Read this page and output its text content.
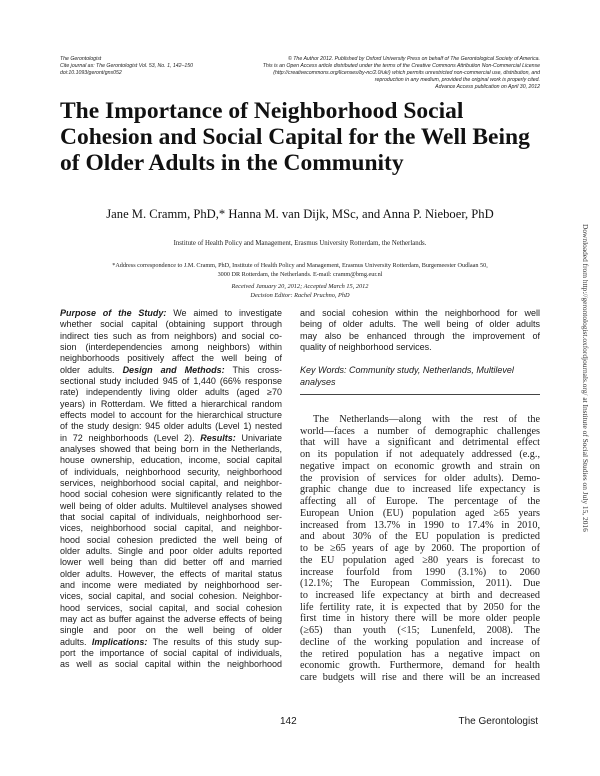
The Gerontologist
Cite journal as: The Gerontologist Vol. 53, No. 1, 142–150
doi:10.1093/geront/gns052
© The Author 2012. Published by Oxford University Press on behalf of The Gerontological Society of America.
This is an Open Access article distributed under the terms of the Creative Commons Attribution Non-Commercial License
(http://creativecommons.org/licenses/by-nc/2.0/uk/) which permits unrestricted non-commercial use, distribution, and
reproduction in any medium, provided the original work is properly cited.
Advance Access publication on April 30, 2012
The Importance of Neighborhood Social
Cohesion and Social Capital for the Well Being
of Older Adults in the Community
Jane M. Cramm, PhD,* Hanna M. van Dijk, MSc, and Anna P. Nieboer, PhD
Institute of Health Policy and Management, Erasmus University Rotterdam, the Netherlands.
*Address correspondence to J.M. Cramm, PhD, Institute of Health Policy and Management, Erasmus University Rotterdam, Burgemeester Oudlaan 50,
3000 DR Rotterdam, the Netherlands. E-mail: cramm@bmg.eur.nl
Received January 20, 2012; Accepted March 15, 2012
Decision Editor: Rachel Pruchno, PhD
Purpose of the Study: We aimed to investigate
whether social capital (obtaining support through
indirect ties such as from neighbors) and social co-
sion (interdependencies among neighbors) within
neighborhoods positively affect the well being of
older adults. Design and Methods: This cross-
sectional study included 945 of 1,440 (66% response
rate) independently living older adults (aged ≥70
years) in Rotterdam. We fitted a hierarchical random
effects model to account for the hierarchical structure
of the study design: 945 older adults (Level 1) nested
in 72 neighborhoods (Level 2). Results: Univariate
analyses showed that being born in the Netherlands,
house ownership, education, income, social capital
of individuals, neighborhood security, neighborhood
services, neighborhood social capital, and neighbor-
hood social cohesion were significantly related to the
well being of older adults. Multilevel analyses showed
that social capital of individuals, neighborhood ser-
vices, neighborhood social capital, and neighbor-
hood social cohesion predicted the well being of
older adults. Single and poor older adults reported
lower well being than did better off and married
older adults. However, the effects of marital status
and income were mediated by neighborhood ser-
vices, social capital, and social cohesion. Neighbor-
hood services, social capital, and social cohesion
may act as buffer against the adverse effects of being
single and poor on the well being of older
adults. Implications: The results of this study sup-
port the importance of social capital of individuals,
as well as social capital within the neighborhood
and social cohesion within the neighborhood for well
being of older adults. The well being of older adults
may also be enhanced through the improvement of
quality of neighborhood services.
Key Words: Community study, Netherlands, Multilevel
analyses
The Netherlands—along with the rest of the
world—faces a number of demographic challenges
that will have a significant and detrimental effect
on its population if not adequately addressed (e.g.,
negative impact on economic growth and strain on
the provision of services for older adults). Demo-
graphic change due to increased life expectancy is
affecting all of Europe. The percentage of the
European Union (EU) population aged ≥65 years
increased from 13.7% in 1990 to 17.4% in 2010,
and about 30% of the EU population is predicted
to be ≥65 years of age by 2060. The proportion of
the EU population aged ≥80 years is forecast to
increase fourfold from 1990 (3.1%) to 2060
(12.1%; The European Commission, 2011). Due
to increased life expectancy at birth and decreased
life fertility rate, it is expected that by 2050 for the
first time in history there will be more older people
(≥65) than youth (<15; Lunenfeld, 2008). The
decline of the working population and increase of
the retired population has a negative impact on
economic growth. Furthermore, demand for health
care budgets will rise and there will be an increased
142	The Gerontologist
Downloaded from http://gerontologist.oxfordjournals.org/ at Institute of Social Studies on July 15, 2016
